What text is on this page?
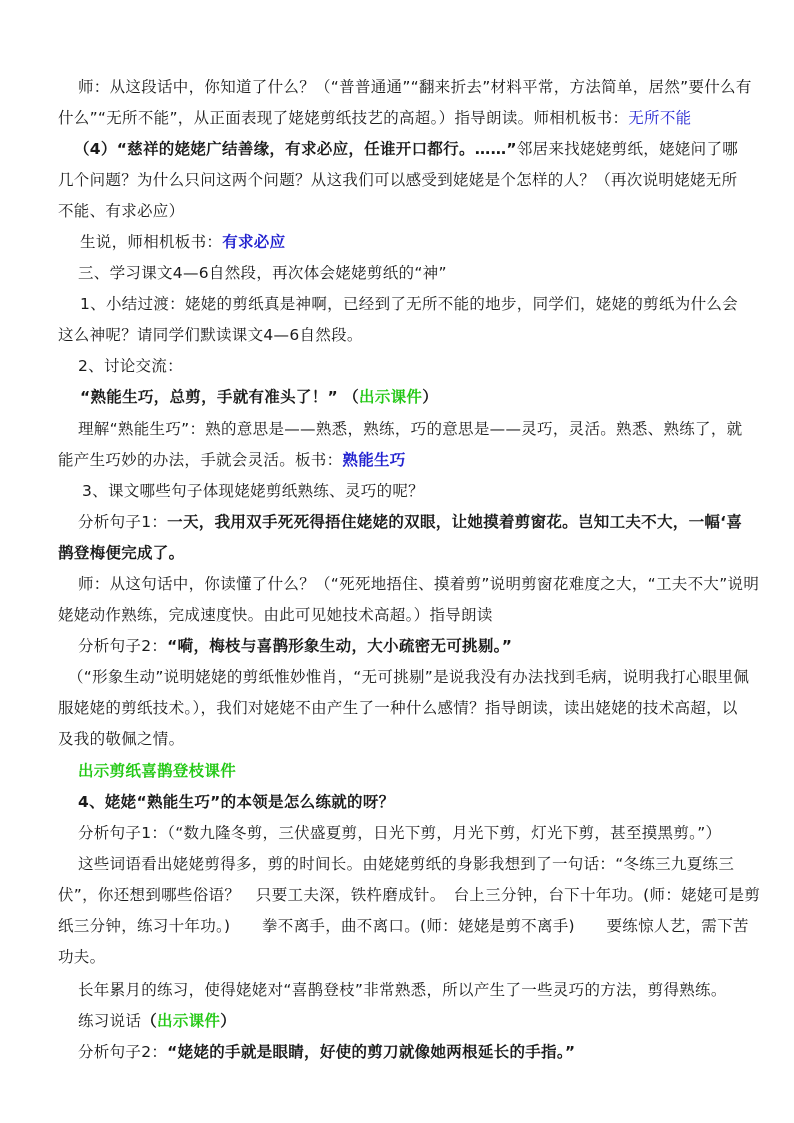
师：从这段话中，你知道了什么？（“普普通通”“翻来折去”材料平常，方法简单，居然”要什么有
什么”“无所不能”，从正面表现了姥姥剪纸技艺的高超。）指导朗读。师相机板书：无所不能
（4）“慈祥的姥姥广结善缘，有求必应，任谁开口都行。……”邻居来找姥姥剪纸，姥姥问了哪
几个问题？为什么只问这两个问题？从这我们可以感受到姥姥是个怎样的人？（再次说明姥姥无所
不能、有求必应）
生说，师相机板书：有求必应
三、学习课文4—6自然段，再次体会姥姥剪纸的“神”
1、小结过渡：姥姥的剪纸真是神啊，已经到了无所不能的地步，同学们，姥姥的剪纸为什么会
这么神呢？请同学们默读课文4—6自然段。
2、讨论交流：
“熟能生巧，总剪，手就有准头了！” （出示课件）
理解“熟能生巧”：熟的意思是——熟悉，熟练，巧的意思是——灵巧，灵活。熟悉、熟练了，就
能产生巧妙的办法，手就会灵活。板书：熟能生巧
3、课文哪些句子体现姥姥剪纸熟练、灵巧的呢？
分析句子1：一天，我用双手死死得捂住姥姥的双眼，让她摸着剪窗花。岂知工夫不大，一幅‘喜
鹊登梅便完成了。
师：从这句话中，你读懂了什么？（“死死地捂住、摸着剪”说明剪窗花难度之大，“工夫不大”说明
姥姥动作熟练，完成速度快。由此可见她技术高超。）指导朗读
分析句子2：“嗬，梅枝与喜鹊形象生动，大小疏密无可挑剔。”
（“形象生动”说明姥姥的剪纸惟妙惟肖，“无可挑剔”是说我没有办法找到毛病，说明我打心眼里佩
服姥姥的剪纸技术。），我们对姥姥不由产生了一种什么感情？指导朗读，读出姥姥的技术高超，以
及我的敬佩之情。
出示剪纸喜鹊登枝课件
4、姥姥“熟能生巧”的本领是怎么练就的呀？
分析句子1：（“数九隆冬剪，三伏盛夏剪，日光下剪，月光下剪，灯光下剪，甚至摸黑剪。”）
这些词语看出姥姥剪得多，剪的时间长。由姥姥剪纸的身影我想到了一句话：“冬练三九夏练三
伏”，你还想到哪些俗语？　只要工夫深，铁杵磨成针。　台上三分钟，台下十年功。(师：姥姥可是剪
纸三分钟，练习十年功。)　　拳不离手，曲不离口。(师：姥姥是剪不离手)　　要练惊人艺，需下苦
功夫。
长年累月的练习，使得姥姥对“喜鹊登枝”非常熟悉，所以产生了一些灵巧的方法，剪得熟练。
练习说话（出示课件）
分析句子2：“姥姥的手就是眼睛，好使的剪刀就像她两根延长的手指。”
